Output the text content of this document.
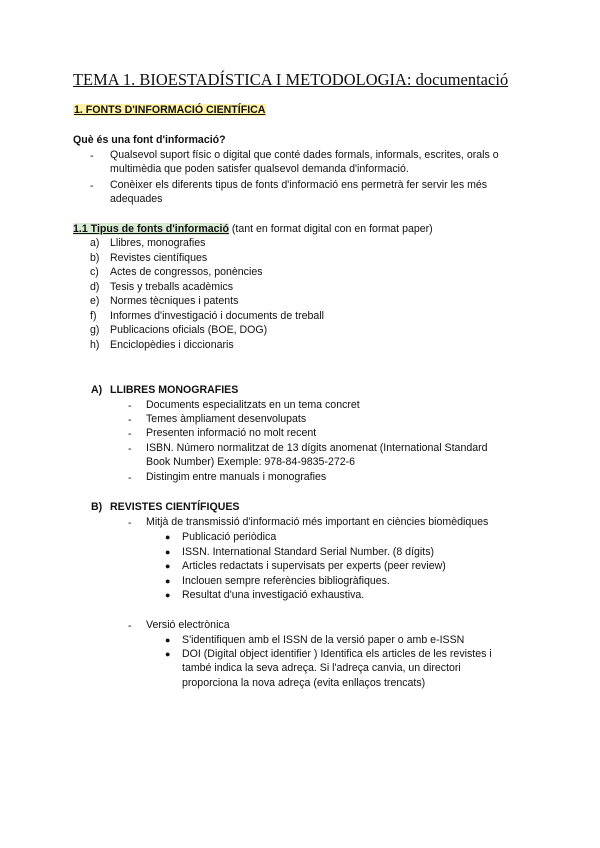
TEMA 1. BIOESTADÍSTICA I METODOLOGIA: documentació
1. FONTS D'INFORMACIÓ CIENTÍFICA
Què és una font d'informació?
- Qualsevol suport físic o digital que conté dades formals, informals, escrites, orals o
multimèdia que poden satisfer qualsevol demanda d'informació.
- Conèixer els diferents tipus de fonts d'informació ens permetrà fer servir les més
adequades
1.1 Tipus de fonts d'informació (tant en format digital con en format paper)
a) Llibres, monografies
b) Revistes científiques
c) Actes de congressos, ponències
d) Tesis y treballs acadèmics
e) Normes tècniques i patents
f) Informes d'investigació i documents de treball
g) Publicacions oficials (BOE, DOG)
h) Enciclopèdies i diccionaris
A) LLIBRES MONOGRAFIES
- Documents especialitzats en un tema concret
- Temes àmpliament desenvolupats
- Presenten informació no molt recent
- ISBN. Número normalitzat de 13 dígits anomenat (International Standard
Book Number) Exemple: 978-84-9835-272-6
- Distingim entre manuals i monografies
B) REVISTES CIENTÍFIQUES
- Mitjà de transmissió d'informació més important en ciències biomèdiques
● Publicació periòdica
● ISSN. International Standard Serial Number. (8 dígits)
● Articles redactats i supervisats per experts (peer review)
● Inclouen sempre referències bibliogràfiques.
● Resultat d'una investigació exhaustiva.
- Versió electrònica
● S'identifiquen amb el ISSN de la versió paper o amb e-ISSN
● DOI (Digital object identifier ) Identifica els articles de les revistes i
també indica la seva adreça. Si l'adreça canvia, un directori
proporciona la nova adreça (evita enllaços trencats)
